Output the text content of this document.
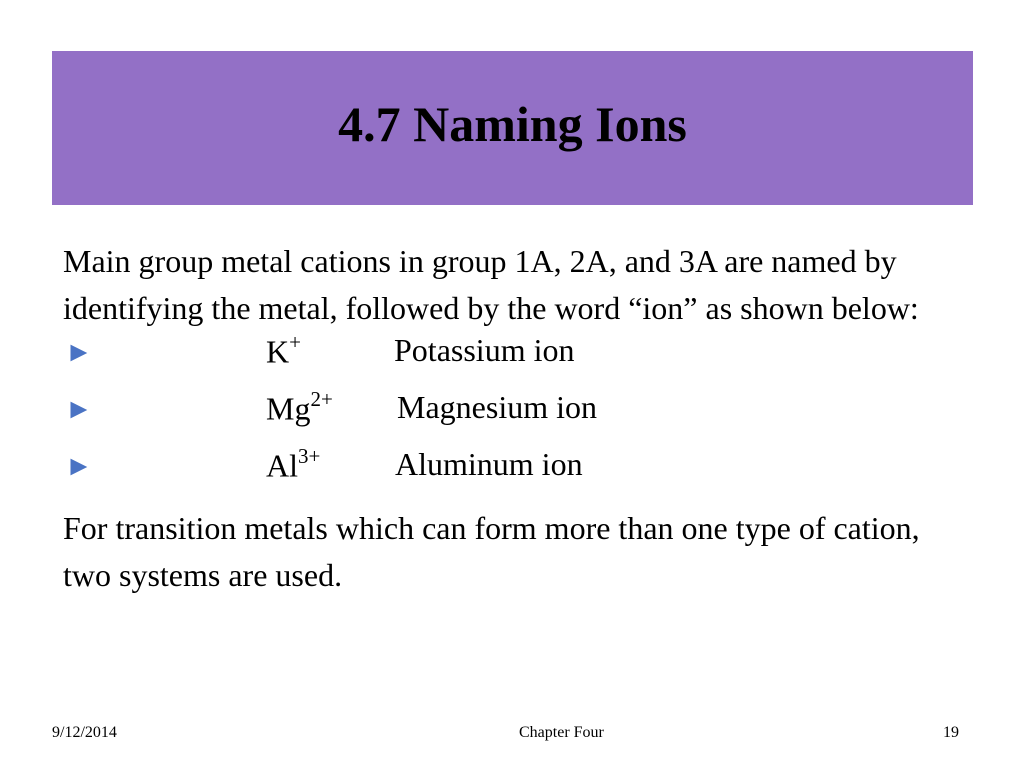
4.7 Naming Ions

Main group metal cations in group 1A, 2A, and 3A are named by identifying the metal, followed by the word “ion” as shown below:

►	K+	Potassium ion
►	$Mg^{2+}$ Magnesium ion
►	$Al^{3+}$ Aluminum ion

For transition metals which can form more than one type of cation, two systems are used.

9/12/2014	Chapter Four	19
